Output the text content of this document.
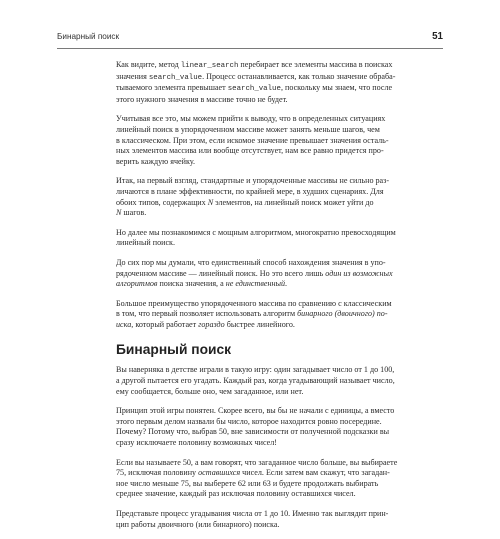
Бинарный поиск	51

Как видите, метод linear_search перебирает все элементы массива в поисках
значения search_value. Процесс останавливается, как только значение обраба-
тываемого элемента превышает search_value, поскольку мы знаем, что после
этого нужного значения в массиве точно не будет.

Учитывая все это, мы можем прийти к выводу, что в определенных ситуациях
линейный поиск в упорядоченном массиве может занять меньше шагов, чем
в классическом. При этом, если искомое значение превышает значения осталь-
ных элементов массива или вообще отсутствует, нам все равно придется про-
верить каждую ячейку.

Итак, на первый взгляд, стандартные и упорядоченные массивы не сильно раз-
личаются в плане эффективности, по крайней мере, в худших сценариях. Для
обоих типов, содержащих N элементов, на линейный поиск может уйти до
N шагов.

Но далее мы познакомимся с мощным алгоритмом, многократно превосходящим
линейный поиск.

До сих пор мы думали, что единственный способ нахождения значения в упо-
рядоченном массиве — линейный поиск. Но это всего лишь один из возможных
алгоритмов поиска значения, а не единственный.

Большое преимущество упорядоченного массива по сравнению с классическим
в том, что первый позволяет использовать алгоритм бинарного (двоичного) по-
иска, который работает гораздо быстрее линейного.

Бинарный поиск

Вы наверняка в детстве играли в такую игру: один загадывает число от 1 до 100,
а другой пытается его угадать. Каждый раз, когда угадывающий называет число,
ему сообщается, больше оно, чем загаданное, или нет.

Принцип этой игры понятен. Скорее всего, вы бы не начали с единицы, а вместо
этого первым делом назвали бы число, которое находится ровно посередине.
Почему? Потому что, выбрав 50, вне зависимости от полученной подсказки вы
сразу исключаете половину возможных чисел!

Если вы называете 50, а вам говорят, что загаданное число больше, вы выбираете
75, исключая половину оставшихся чисел. Если затем вам скажут, что загадан-
ное число меньше 75, вы выберете 62 или 63 и будете продолжать выбирать
среднее значение, каждый раз исключая половину оставшихся чисел.

Представьте процесс угадывания числа от 1 до 10. Именно так выглядит прин-
цип работы двоичного (или бинарного) поиска.
